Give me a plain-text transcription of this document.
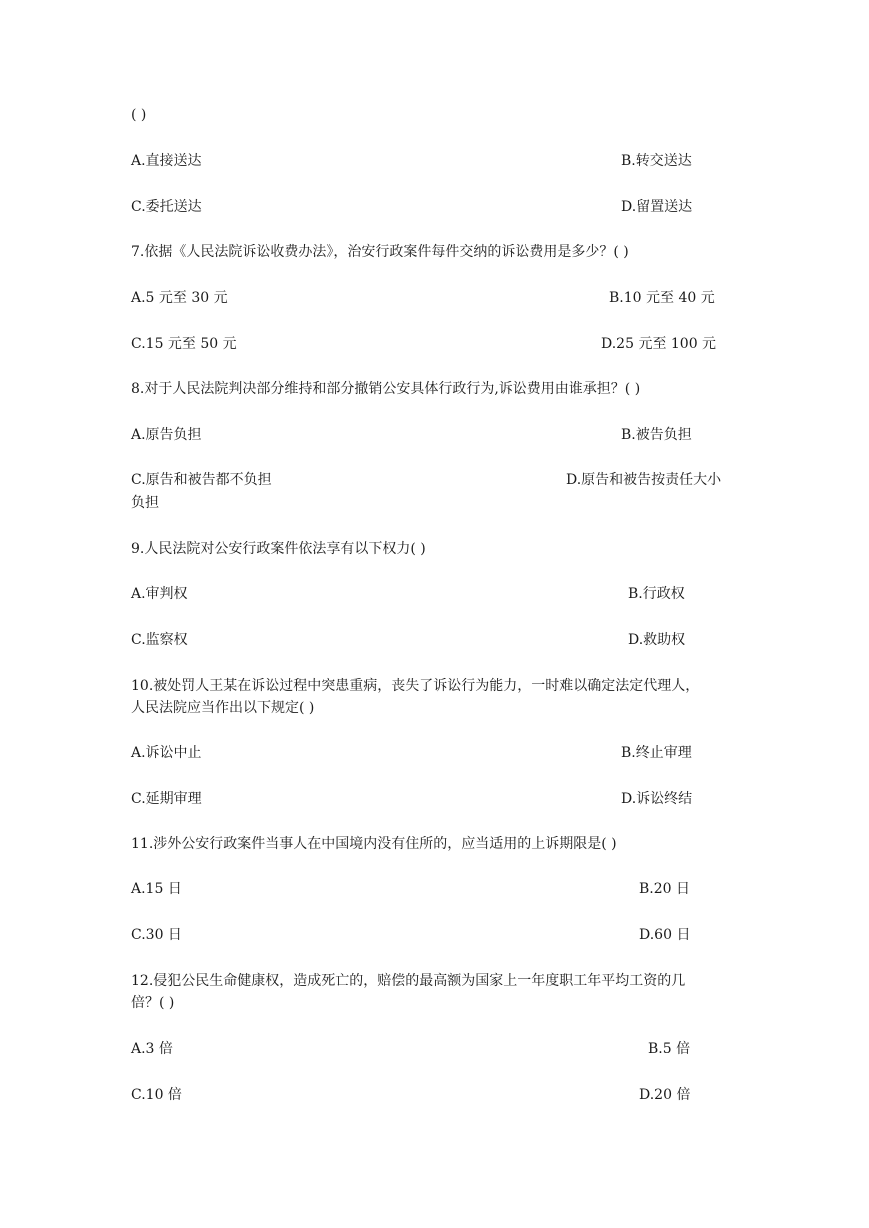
( )
A.直接送达	B.转交送达
C.委托送达	D.留置送达
7.依据《人民法院诉讼收费办法》，治安行政案件每件交纳的诉讼费用是多少？( )
A.5 元至 30 元	B.10 元至 40 元
C.15 元至 50 元	D.25 元至 100 元
8.对于人民法院判决部分维持和部分撤销公安具体行政行为,诉讼费用由谁承担？( )
A.原告负担	B.被告负担
C.原告和被告都不负担	D.原告和被告按责任大小
负担
9.人民法院对公安行政案件依法享有以下权力( )
A.审判权	B.行政权
C.监察权	D.救助权
10.被处罚人王某在诉讼过程中突患重病，丧失了诉讼行为能力，一时难以确定法定代理人，
人民法院应当作出以下规定( )
A.诉讼中止	B.终止审理
C.延期审理	D.诉讼终结
11.涉外公安行政案件当事人在中国境内没有住所的，应当适用的上诉期限是( )
A.15 日	B.20 日
C.30 日	D.60 日
12.侵犯公民生命健康权，造成死亡的，赔偿的最高额为国家上一年度职工年平均工资的几
倍？( )
A.3 倍	B.5 倍
C.10 倍	D.20 倍
